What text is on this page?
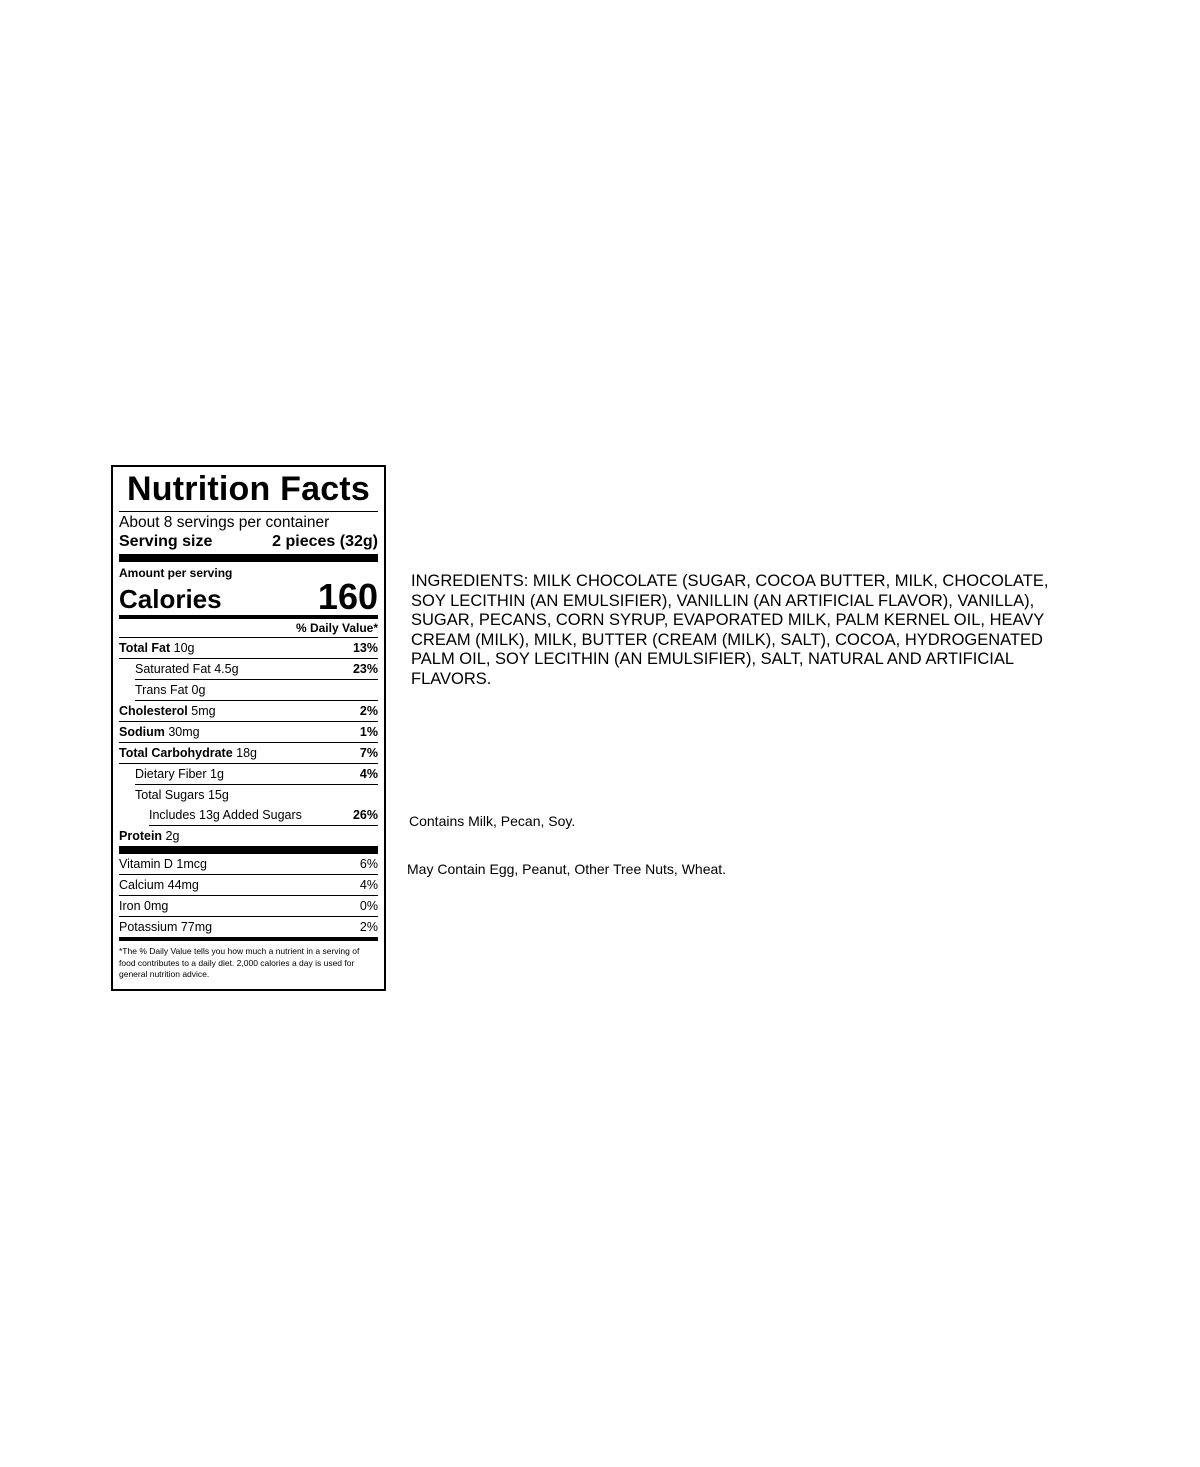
Nutrition Facts
About 8 servings per container
Serving size	2 pieces (32g)
Amount per serving
Calories	160
% Daily Value*
Total Fat 10g	13%
Saturated Fat 4.5g	23%
Trans Fat 0g
Cholesterol 5mg	2%
Sodium 30mg	1%
Total Carbohydrate 18g	7%
Dietary Fiber 1g	4%
Total Sugars 15g
Includes 13g Added Sugars	26%
Protein 2g
Vitamin D 1mcg	6%
Calcium 44mg	4%
Iron 0mg	0%
Potassium 77mg	2%
*The % Daily Value tells you how much a nutrient in a serving of food contributes to a daily diet. 2,000 calories a day is used for general nutrition advice.
INGREDIENTS: MILK CHOCOLATE (SUGAR, COCOA BUTTER, MILK, CHOCOLATE, SOY LECITHIN (AN EMULSIFIER), VANILLIN (AN ARTIFICIAL FLAVOR), VANILLA), SUGAR, PECANS, CORN SYRUP, EVAPORATED MILK, PALM KERNEL OIL, HEAVY CREAM (MILK), MILK, BUTTER (CREAM (MILK), SALT), COCOA, HYDROGENATED PALM OIL, SOY LECITHIN (AN EMULSIFIER), SALT, NATURAL AND ARTIFICIAL FLAVORS.
Contains Milk, Pecan, Soy.
May Contain Egg, Peanut, Other Tree Nuts, Wheat.
